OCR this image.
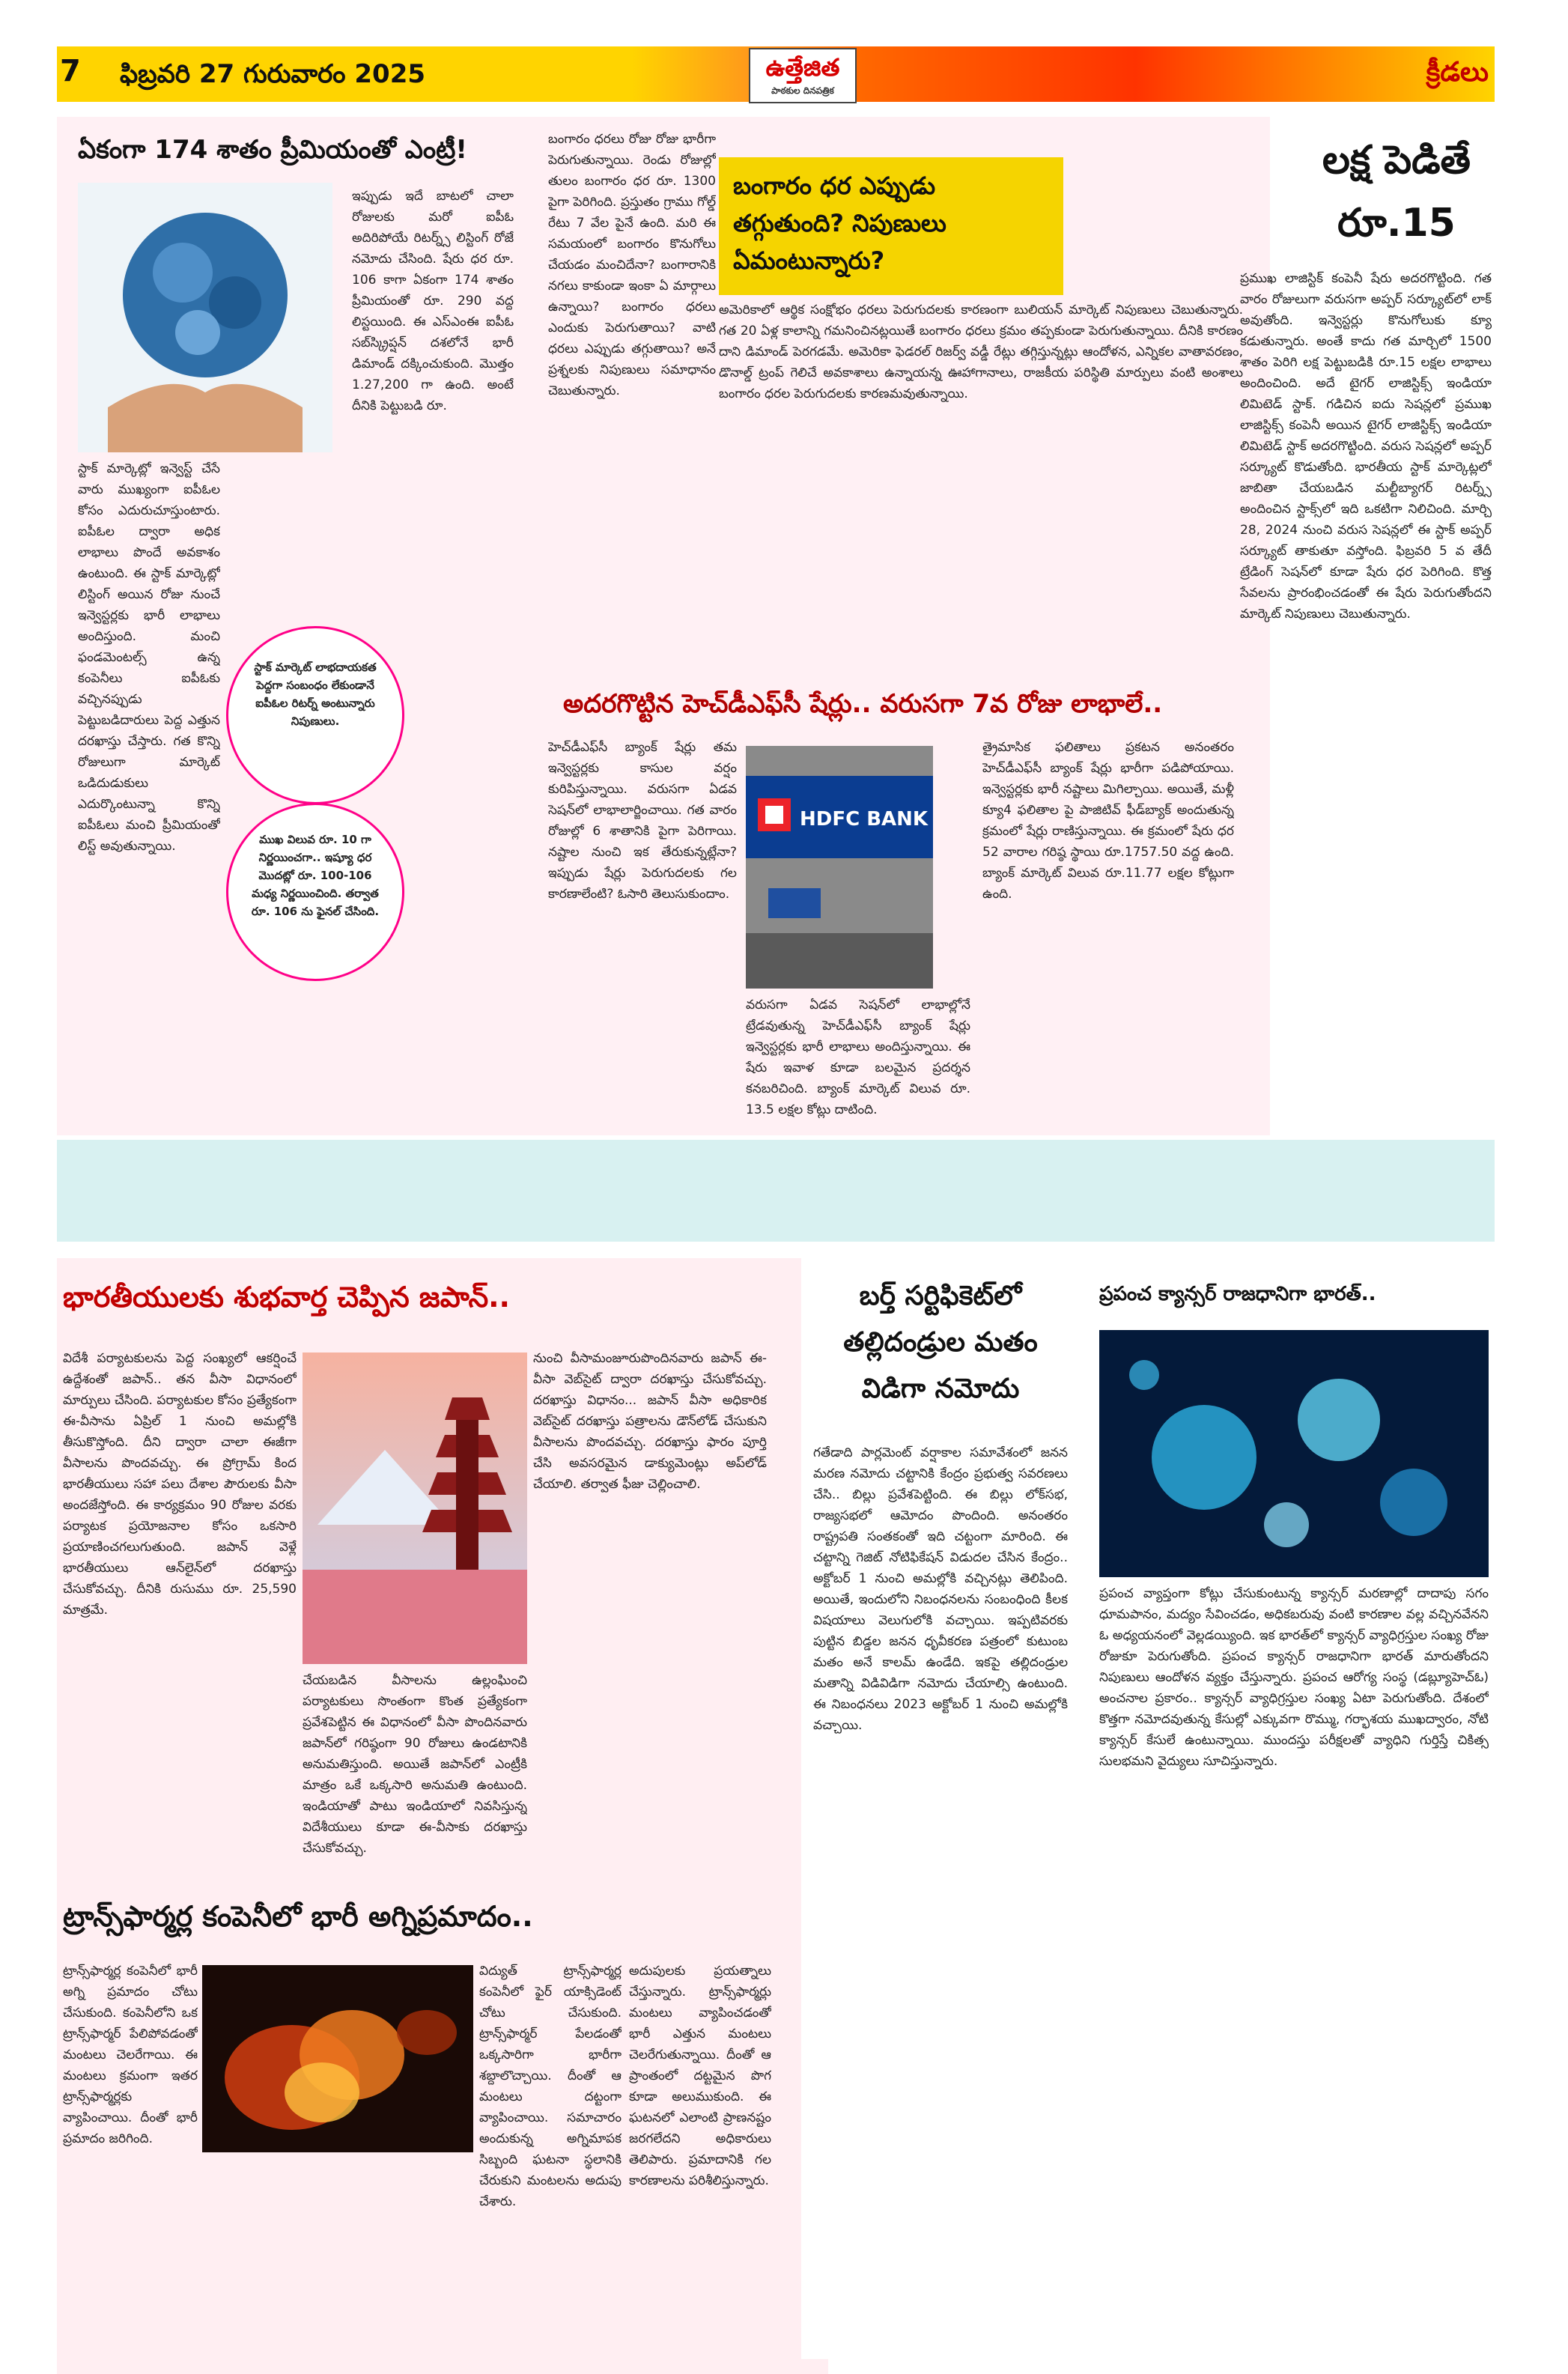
7	ఫిబ్రవరి 27 గురువారం 2025	ఉత్తేజిత
పాఠకుల దినపత్రిక
క్రీడలు
ఏకంగా 174 శాతం ప్రీమియంతో ఎంట్రీ!
స్టాక్ మార్కెట్లో ఇన్వెస్ట్ చేసే వారు ముఖ్యంగా ఐపీఓల కోసం ఎదురుచూస్తుంటారు. ఐపీఓల ద్వారా అధిక లాభాలు పొందే అవకాశం ఉంటుంది. ఈ స్టాక్ మార్కెట్లో లిస్టింగ్ అయిన రోజు నుంచే ఇన్వెస్టర్లకు భారీ లాభాలు అందిస్తుంది. మంచి ఫండమెంటల్స్ ఉన్న కంపెనీలు ఐపీఓకు వచ్చినప్పుడు పెట్టుబడిదారులు పెద్ద ఎత్తున దరఖాస్తు చేస్తారు. గత కొన్ని రోజులుగా మార్కెట్ ఒడిదుడుకులు ఎదుర్కొంటున్నా కొన్ని ఐపీఓలు మంచి ప్రీమియంతో లిస్ట్ అవుతున్నాయి.
ఇప్పుడు ఇదే బాటలో చాలా రోజులకు మరో ఐపీఓ అదిరిపోయే రిటర్న్స్ లిస్టింగ్ రోజే నమోదు చేసింది. షేరు ధర రూ. 106 కాగా ఏకంగా 174 శాతం ప్రీమియంతో రూ. 290 వద్ద లిస్టయింది. ఈ ఎస్ఎంఈ ఐపీఓ సబ్‌స్క్రిప్షన్ దశలోనే భారీ డిమాండ్ దక్కించుకుంది. మొత్తం 1.27,200 గా ఉంది. అంటే దీనికి పెట్టుబడి రూ.
స్టాక్ మార్కెట్ లాభదాయకత పెద్దగా సంబంధం లేకుండానే ఐపీఓల రిటర్న్ అంటున్నారు నిపుణులు.
ముఖ విలువ రూ. 10 గా నిర్ణయించగా.. ఇష్యూ ధర మొదట్లో రూ. 100-106 మధ్య నిర్ణయించింది. తర్వాత రూ. 106 ను ఫైనల్ చేసింది.
బంగారం ధరలు రోజు రోజు భారీగా పెరుగుతున్నాయి. రెండు రోజుల్లో తులం బంగారం ధర రూ. 1300 పైగా పెరిగింది. ప్రస్తుతం గ్రాము గోల్డ్ రేటు 7 వేల పైనే ఉంది. మరి ఈ సమయంలో బంగారం కొనుగోలు చేయడం మంచిదేనా? బంగారానికి నగలు కాకుండా ఇంకా ఏ మార్గాలు ఉన్నాయి? బంగారం ధరలు ఎందుకు పెరుగుతాయి? వాటి ధరలు ఎప్పుడు తగ్గుతాయి? అనే ప్రశ్నలకు నిపుణులు సమాధానం చెబుతున్నారు.
బంగారం ధర ఎప్పుడు తగ్గుతుంది? నిపుణులు ఏమంటున్నారు?
అమెరికాలో ఆర్థిక సంక్షోభం ధరలు పెరుగుదలకు కారణంగా బులియన్ మార్కెట్ నిపుణులు చెబుతున్నారు. గత 20 ఏళ్ల కాలాన్ని గమనించినట్లయితే బంగారం ధరలు క్రమం తప్పకుండా పెరుగుతున్నాయి. దీనికి కారణం దాని డిమాండ్ పెరగడమే. అమెరికా ఫెడరల్ రిజర్వ్ వడ్డీ రేట్లు తగ్గిస్తున్నట్లు ఆందోళన, ఎన్నికల వాతావరణం, డొనాల్డ్ ట్రంప్ గెలిచే అవకాశాలు ఉన్నాయన్న ఊహాగానాలు, రాజకీయ పరిస్థితి మార్పులు వంటి అంశాలు బంగారం ధరల పెరుగుదలకు కారణమవుతున్నాయి.
లక్ష పెడితే రూ.15
ప్రముఖ లాజిస్టిక్ కంపెనీ షేరు అదరగొట్టింది. గత వారం రోజులుగా వరుసగా అప్పర్ సర్క్యూట్‌లో లాక్ అవుతోంది. ఇన్వెస్టర్లు కొనుగోలుకు క్యూ కడుతున్నారు. అంతే కాదు గత మార్చిలో 1500 శాతం పెరిగి లక్ష పెట్టుబడికి రూ.15 లక్షల లాభాలు అందించింది. అదే టైగర్ లాజిస్టిక్స్ ఇండియా లిమిటెడ్ స్టాక్. గడిచిన ఐదు సెషన్లలో ప్రముఖ లాజిస్టిక్స్ కంపెనీ అయిన టైగర్ లాజిస్టిక్స్ ఇండియా లిమిటెడ్ స్టాక్ అదరగొట్టింది. వరుస సెషన్లలో అప్పర్ సర్క్యూట్ కొడుతోంది. భారతీయ స్టాక్ మార్కెట్లలో జాబితా చేయబడిన మల్టీబ్యాగర్ రిటర్న్స్ అందించిన స్టాక్స్‌లో ఇది ఒకటిగా నిలిచింది. మార్చి 28, 2024 నుంచి వరుస సెషన్లలో ఈ స్టాక్ అప్పర్ సర్క్యూట్ తాకుతూ వస్తోంది. ఫిబ్రవరి 5 వ తేదీ ట్రేడింగ్ సెషన్‌లో కూడా షేరు ధర పెరిగింది. కొత్త సేవలను ప్రారంభించడంతో ఈ షేరు పెరుగుతోందని మార్కెట్ నిపుణులు చెబుతున్నారు.
అదరగొట్టిన హెచ్‌డీఎఫ్‌సీ షేర్లు.. వరుసగా 7వ రోజు లాభాలే..
హెచ్‌డీఎఫ్‌సీ బ్యాంక్ షేర్లు తమ ఇన్వెస్టర్లకు కాసుల వర్షం కురిపిస్తున్నాయి. వరుసగా ఏడవ సెషన్‌లో లాభాలార్జించాయి. గత వారం రోజుల్లో 6 శాతానికి పైగా పెరిగాయి. నష్టాల నుంచి ఇక తేరుకున్నట్లేనా? ఇప్పుడు షేర్లు పెరుగుదలకు గల కారణాలేంటి? ఓసారి తెలుసుకుందాం.
HDFC BANK
త్రైమాసిక ఫలితాలు ప్రకటన అనంతరం హెచ్‌డీఎఫ్‌సీ బ్యాంక్ షేర్లు భారీగా పడిపోయాయి. ఇన్వెస్టర్లకు భారీ నష్టాలు మిగిల్చాయి. అయితే, మళ్లీ క్యూ4 ఫలితాల పై పాజిటివ్ ఫీడ్‌బ్యాక్ అందుతున్న క్రమంలో షేర్లు రాణిస్తున్నాయి. ఈ క్రమంలో షేరు ధర 52 వారాల గరిష్ఠ స్థాయి రూ.1757.50 వద్ద ఉంది. బ్యాంక్ మార్కెట్ విలువ రూ.11.77 లక్షల కోట్లుగా ఉంది.
వరుసగా ఏడవ సెషన్‌లో లాభాల్లోనే ట్రేడవుతున్న హెచ్‌డీఎఫ్‌సీ బ్యాంక్ షేర్లు ఇన్వెస్టర్లకు భారీ లాభాలు అందిస్తున్నాయి. ఈ షేరు ఇవాళ కూడా బలమైన ప్రదర్శన కనబరిచింది. బ్యాంక్ మార్కెట్ విలువ రూ. 13.5 లక్షల కోట్లు దాటింది.
భారతీయులకు శుభవార్త చెప్పిన జపాన్..
విదేశీ పర్యాటకులను పెద్ద సంఖ్యలో ఆకర్షించే ఉద్దేశంతో జపాన్.. తన వీసా విధానంలో మార్పులు చేసింది. పర్యాటకుల కోసం ప్రత్యేకంగా ఈ-వీసాను ఏప్రిల్ 1 నుంచి అమల్లోకి తీసుకొస్తోంది. దీని ద్వారా చాలా ఈజీగా వీసాలను పొందవచ్చు. ఈ ప్రోగ్రామ్ కింద భారతీయులు సహా పలు దేశాల పౌరులకు వీసా అందజేస్తోంది. ఈ కార్యక్రమం 90 రోజుల వరకు పర్యాటక ప్రయోజనాల కోసం ఒకసారి ప్రయాణించగలుగుతుంది. జపాన్ వెళ్లే భారతీయులు ఆన్‌లైన్‌లో దరఖాస్తు చేసుకోవచ్చు. దీనికి రుసుము రూ. 25,590 మాత్రమే.
చేయబడిన వీసాలను ఉల్లంఘించి పర్యాటకులు సొంతంగా కొంత ప్రత్యేకంగా ప్రవేశపెట్టిన ఈ విధానంలో వీసా పొందినవారు జపాన్‌లో గరిష్ఠంగా 90 రోజులు ఉండటానికి అనుమతిస్తుంది. అయితే జపాన్‌లో ఎంట్రీకి మాత్రం ఒకే ఒక్కసారి అనుమతి ఉంటుంది. ఇండియాతో పాటు ఇండియాలో నివసిస్తున్న విదేశీయులు కూడా ఈ-వీసాకు దరఖాస్తు చేసుకోవచ్చు.
నుంచి వీసామంజూరుపొందినవారు జపాన్ ఈ-వీసా వెబ్‌సైట్ ద్వారా దరఖాస్తు చేసుకోవచ్చు. దరఖాస్తు విధానం... జపాన్ వీసా అధికారిక వెబ్‌సైట్ దరఖాస్తు పత్రాలను డౌన్‌లోడ్ చేసుకుని వీసాలను పొందవచ్చు. దరఖాస్తు ఫారం పూర్తి చేసి అవసరమైన డాక్యుమెంట్లు అప్‌లోడ్ చేయాలి. తర్వాత ఫీజు చెల్లించాలి.
బర్త్ సర్టిఫికెట్‌లో తల్లిదండ్రుల మతం విడిగా నమోదు
గతేడాది పార్లమెంట్ వర్షాకాల సమావేశంలో జనన మరణ నమోదు చట్టానికి కేంద్రం ప్రభుత్వ సవరణలు చేసి.. బిల్లు ప్రవేశపెట్టింది. ఈ బిల్లు లోక్‌సభ, రాజ్యసభలో ఆమోదం పొందింది. అనంతరం రాష్ట్రపతి సంతకంతో ఇది చట్టంగా మారింది. ఈ చట్టాన్ని గెజిట్ నోటిఫికేషన్ విడుదల చేసిన కేంద్రం.. అక్టోబర్ 1 నుంచి అమల్లోకి వచ్చినట్లు తెలిపింది. అయితే, ఇందులోని నిబంధనలను సంబంధింది కీలక విషయాలు వెలుగులోకి వచ్చాయి. ఇప్పటివరకు పుట్టిన బిడ్డల జనన ధృవీకరణ పత్రంలో కుటుంబ మతం అనే కాలమ్ ఉండేది. ఇకపై తల్లిదండ్రుల మతాన్ని విడివిడిగా నమోదు చేయాల్సి ఉంటుంది. ఈ నిబంధనలు 2023 అక్టోబర్ 1 నుంచి అమల్లోకి వచ్చాయి.
ప్రపంచ క్యాన్సర్ రాజధానిగా భారత్..
ప్రపంచ వ్యాప్తంగా కోట్లు చేసుకుంటున్న క్యాన్సర్ మరణాల్లో దాదాపు సగం ధూమపానం, మద్యం సేవించడం, అధికబరువు వంటి కారణాల వల్ల వచ్చినవేనని ఓ అధ్యయనంలో వెల్లడయ్యింది. ఇక భారత్‌లో క్యాన్సర్ వ్యాధిగ్రస్తుల సంఖ్య రోజు రోజుకూ పెరుగుతోంది. ప్రపంచ క్యాన్సర్ రాజధానిగా భారత్ మారుతోందని నిపుణులు ఆందోళన వ్యక్తం చేస్తున్నారు. ప్రపంచ ఆరోగ్య సంస్థ (డబ్ల్యూహెచ్ఓ) అంచనాల ప్రకారం.. క్యాన్సర్ వ్యాధిగ్రస్తుల సంఖ్య ఏటా పెరుగుతోంది. దేశంలో కొత్తగా నమోదవుతున్న కేసుల్లో ఎక్కువగా రొమ్ము, గర్భాశయ ముఖద్వారం, నోటి క్యాన్సర్ కేసులే ఉంటున్నాయి. ముందస్తు పరీక్షలతో వ్యాధిని గుర్తిస్తే చికిత్స సులభమని వైద్యులు సూచిస్తున్నారు.
ట్రాన్స్‌ఫార్మర్ల కంపెనీలో భారీ అగ్నిప్రమాదం..
ట్రాన్స్‌ఫార్మర్ల కంపెనీలో భారీ అగ్ని ప్రమాదం చోటు చేసుకుంది. కంపెనీలోని ఒక ట్రాన్స్‌ఫార్మర్ పేలిపోవడంతో మంటలు చెలరేగాయి. ఈ మంటలు క్రమంగా ఇతర ట్రాన్స్‌ఫార్మర్లకు వ్యాపించాయి. దీంతో భారీ ప్రమాదం జరిగింది.
విద్యుత్ ట్రాన్స్‌ఫార్మర్ల కంపెనీలో ఫైర్ యాక్సిడెంట్ చోటు చేసుకుంది. ట్రాన్స్‌ఫార్మర్ పేలడంతో ఒక్కసారిగా భారీగా శబ్దాలొచ్చాయి. దీంతో ఆ మంటలు దట్టంగా వ్యాపించాయి. సమాచారం అందుకున్న అగ్నిమాపక సిబ్బంది ఘటనా స్థలానికి చేరుకుని మంటలను అదుపు చేశారు.
అదుపులకు ప్రయత్నాలు చేస్తున్నారు. ట్రాన్స్‌ఫార్మర్లు మంటలు వ్యాపించడంతో భారీ ఎత్తున మంటలు చెలరేగుతున్నాయి. దీంతో ఆ ప్రాంతంలో దట్టమైన పొగ కూడా అలుముకుంది. ఈ ఘటనలో ఎలాంటి ప్రాణనష్టం జరగలేదని అధికారులు తెలిపారు. ప్రమాదానికి గల కారణాలను పరిశీలిస్తున్నారు.
